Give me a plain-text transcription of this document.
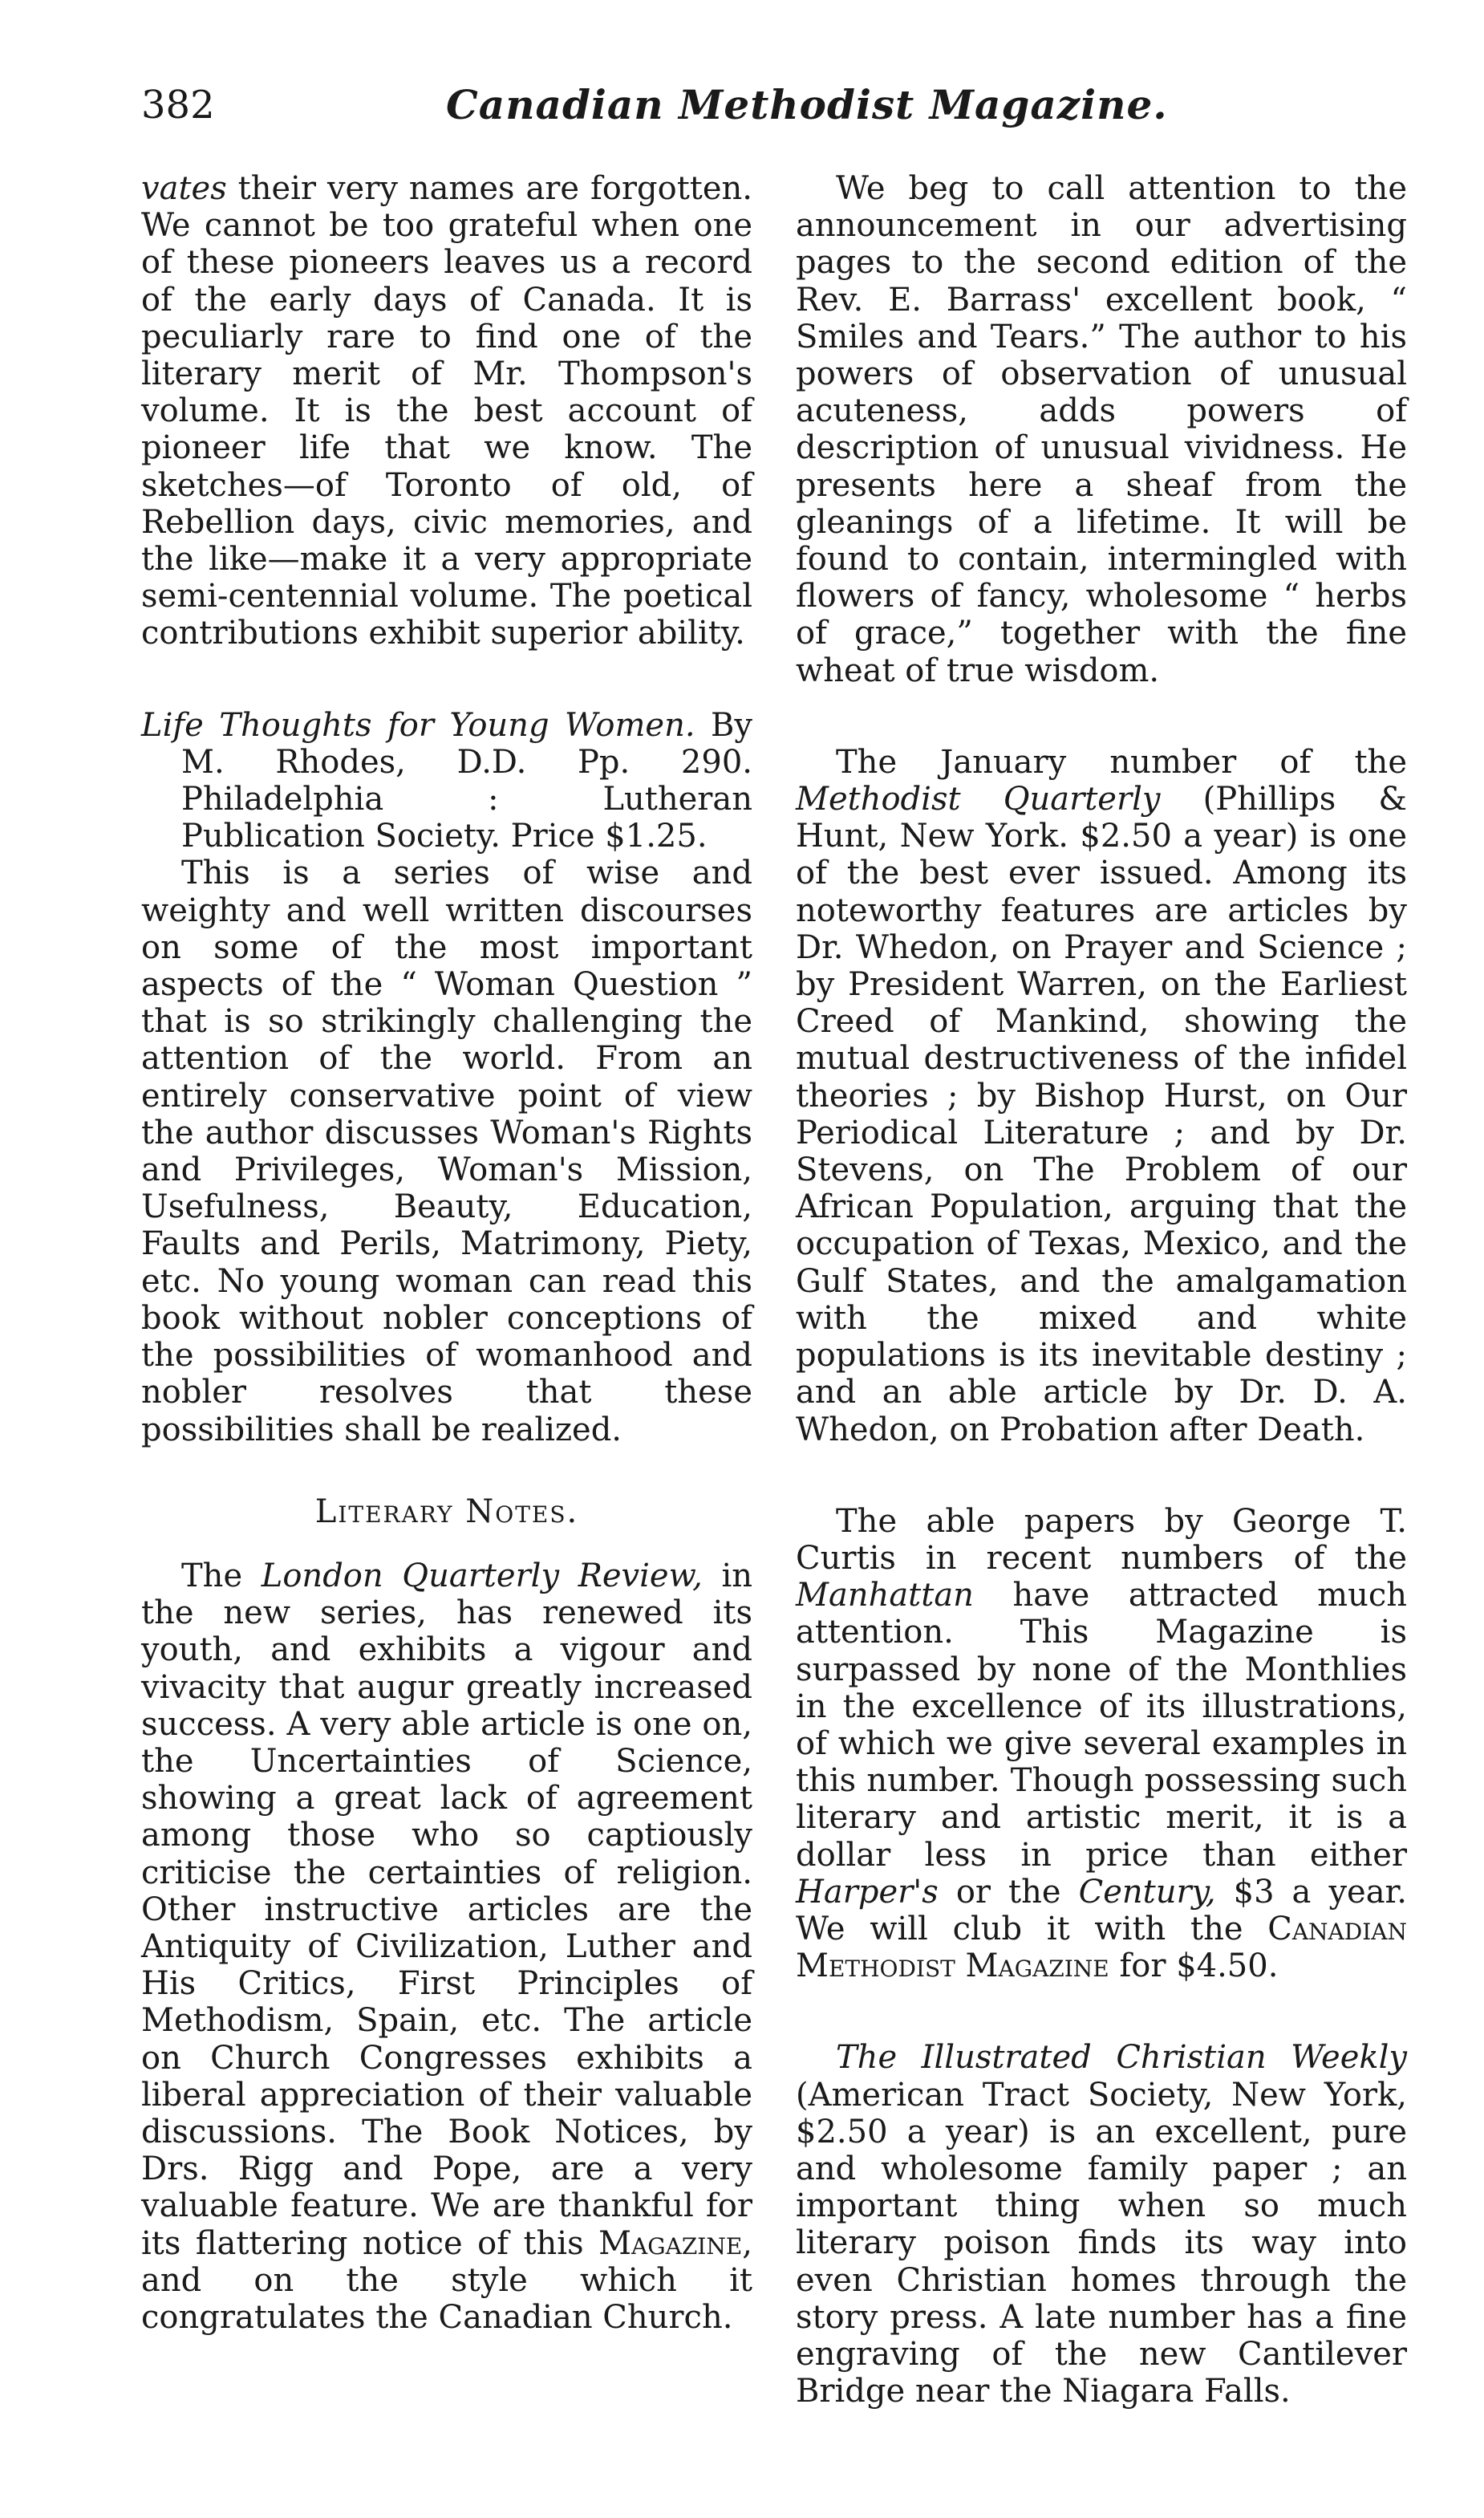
382	Canadian Methodist Magazine.

vates their very names are forgotten. We cannot be too grateful when one of these pioneers leaves us a record of the early days of Canada. It is peculiarly rare to find one of the literary merit of Mr. Thompson's volume. It is the best account of pioneer life that we know. The sketches—of Toronto of old, of Rebellion days, civic memories, and the like—make it a very appropriate semi-centennial volume. The poetical contributions exhibit superior ability.

Life Thoughts for Young Women. By M. Rhodes, D.D. Pp. 290. Philadelphia : Lutheran Publication Society. Price $1.25.

This is a series of wise and weighty and well written discourses on some of the most important aspects of the “ Woman Question ” that is so strikingly challenging the attention of the world. From an entirely conservative point of view the author discusses Woman's Rights and Privileges, Woman's Mission, Usefulness, Beauty, Education, Faults and Perils, Matrimony, Piety, etc. No young woman can read this book without nobler conceptions of the possibilities of womanhood and nobler resolves that these possibilities shall be realized.

Literary Notes.

The London Quarterly Review, in the new series, has renewed its youth, and exhibits a vigour and vivacity that augur greatly increased success. A very able article is one on, the Uncertainties of Science, showing a great lack of agreement among those who so captiously criticise the certainties of religion. Other instructive articles are the Antiquity of Civilization, Luther and His Critics, First Principles of Methodism, Spain, etc. The article on Church Congresses exhibits a liberal appreciation of their valuable discussions. The Book Notices, by Drs. Rigg and Pope, are a very valuable feature. We are thankful for its flattering notice of this Magazine, and on the style which it congratulates the Canadian Church.

We beg to call attention to the announcement in our advertising pages to the second edition of the Rev. E. Barrass' excellent book, “ Smiles and Tears.” The author to his powers of observation of unusual acuteness, adds powers of description of unusual vividness. He presents here a sheaf from the gleanings of a lifetime. It will be found to contain, intermingled with flowers of fancy, wholesome “ herbs of grace,” together with the fine wheat of true wisdom.

The January number of the Methodist Quarterly (Phillips & Hunt, New York. $2.50 a year) is one of the best ever issued. Among its noteworthy features are articles by Dr. Whedon, on Prayer and Science ; by President Warren, on the Earliest Creed of Mankind, showing the mutual destructiveness of the infidel theories ; by Bishop Hurst, on Our Periodical Literature ; and by Dr. Stevens, on The Problem of our African Population, arguing that the occupation of Texas, Mexico, and the Gulf States, and the amalgamation with the mixed and white populations is its inevitable destiny ; and an able article by Dr. D. A. Whedon, on Probation after Death.

The able papers by George T. Curtis in recent numbers of the Manhattan have attracted much attention. This Magazine is surpassed by none of the Monthlies in the excellence of its illustrations, of which we give several examples in this number. Though possessing such literary and artistic merit, it is a dollar less in price than either Harper's or the Century, $3 a year. We will club it with the Canadian Methodist Magazine for $4.50.

The Illustrated Christian Weekly (American Tract Society, New York, $2.50 a year) is an excellent, pure and wholesome family paper ; an important thing when so much literary poison finds its way into even Christian homes through the story press. A late number has a fine engraving of the new Cantilever Bridge near the Niagara Falls.
